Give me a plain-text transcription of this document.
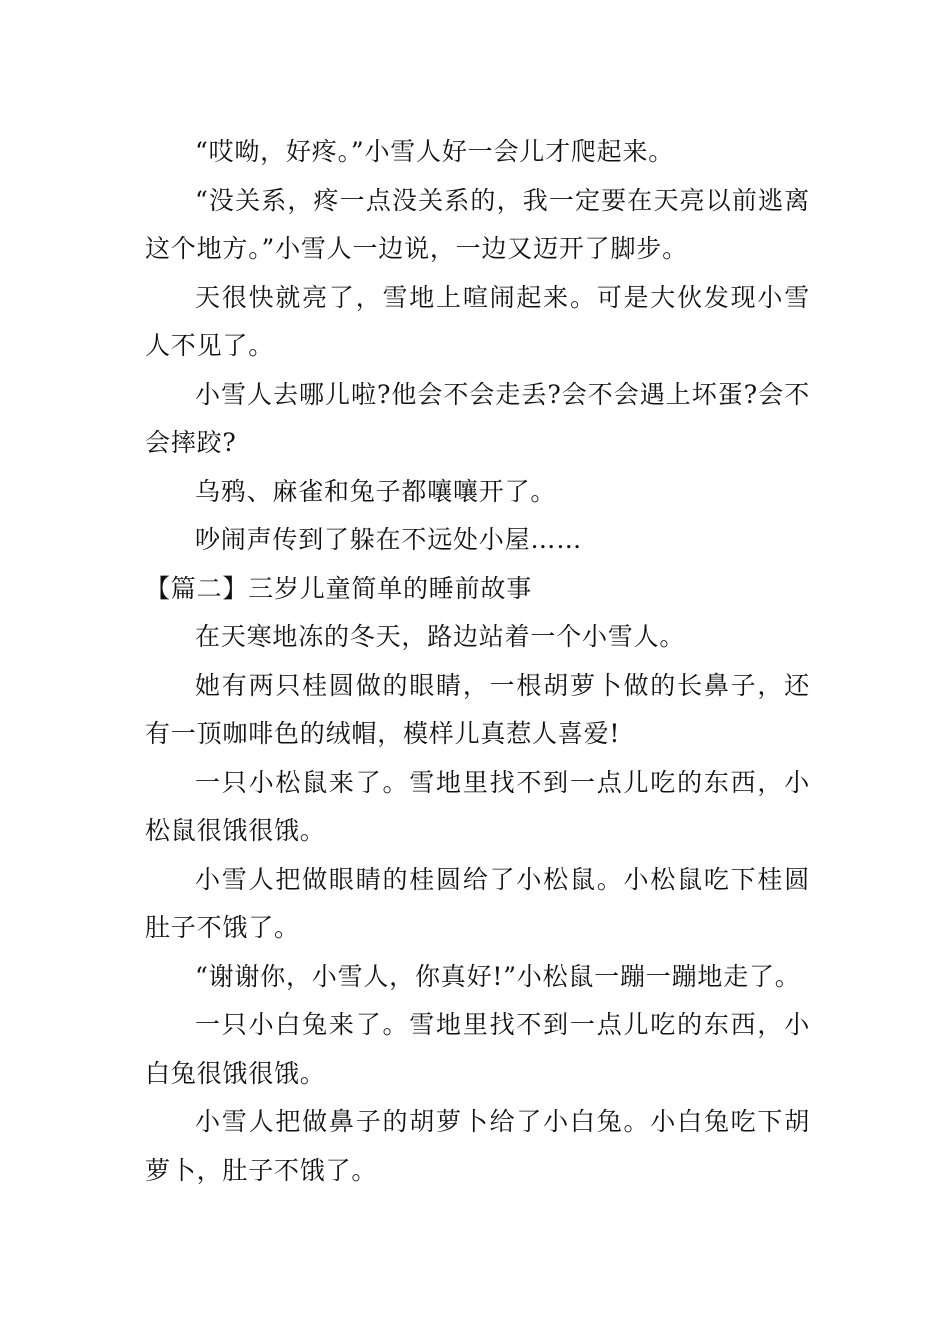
“哎呦，好疼。”小雪人好一会儿才爬起来。

“没关系，疼一点没关系的，我一定要在天亮以前逃离这个地方。”小雪人一边说，一边又迈开了脚步。

天很快就亮了，雪地上喧闹起来。可是大伙发现小雪人不见了。

小雪人去哪儿啦?他会不会走丢?会不会遇上坏蛋?会不会摔跤?

乌鸦、麻雀和兔子都嚷嚷开了。

吵闹声传到了躲在不远处小屋……

【篇二】三岁儿童简单的睡前故事

在天寒地冻的冬天，路边站着一个小雪人。

她有两只桂圆做的眼睛，一根胡萝卜做的长鼻子，还有一顶咖啡色的绒帽，模样儿真惹人喜爱!

一只小松鼠来了。雪地里找不到一点儿吃的东西，小松鼠很饿很饿。

小雪人把做眼睛的桂圆给了小松鼠。小松鼠吃下桂圆肚子不饿了。

“谢谢你，小雪人，你真好!”小松鼠一蹦一蹦地走了。

一只小白兔来了。雪地里找不到一点儿吃的东西，小白兔很饿很饿。

小雪人把做鼻子的胡萝卜给了小白兔。小白兔吃下胡萝卜，肚子不饿了。
